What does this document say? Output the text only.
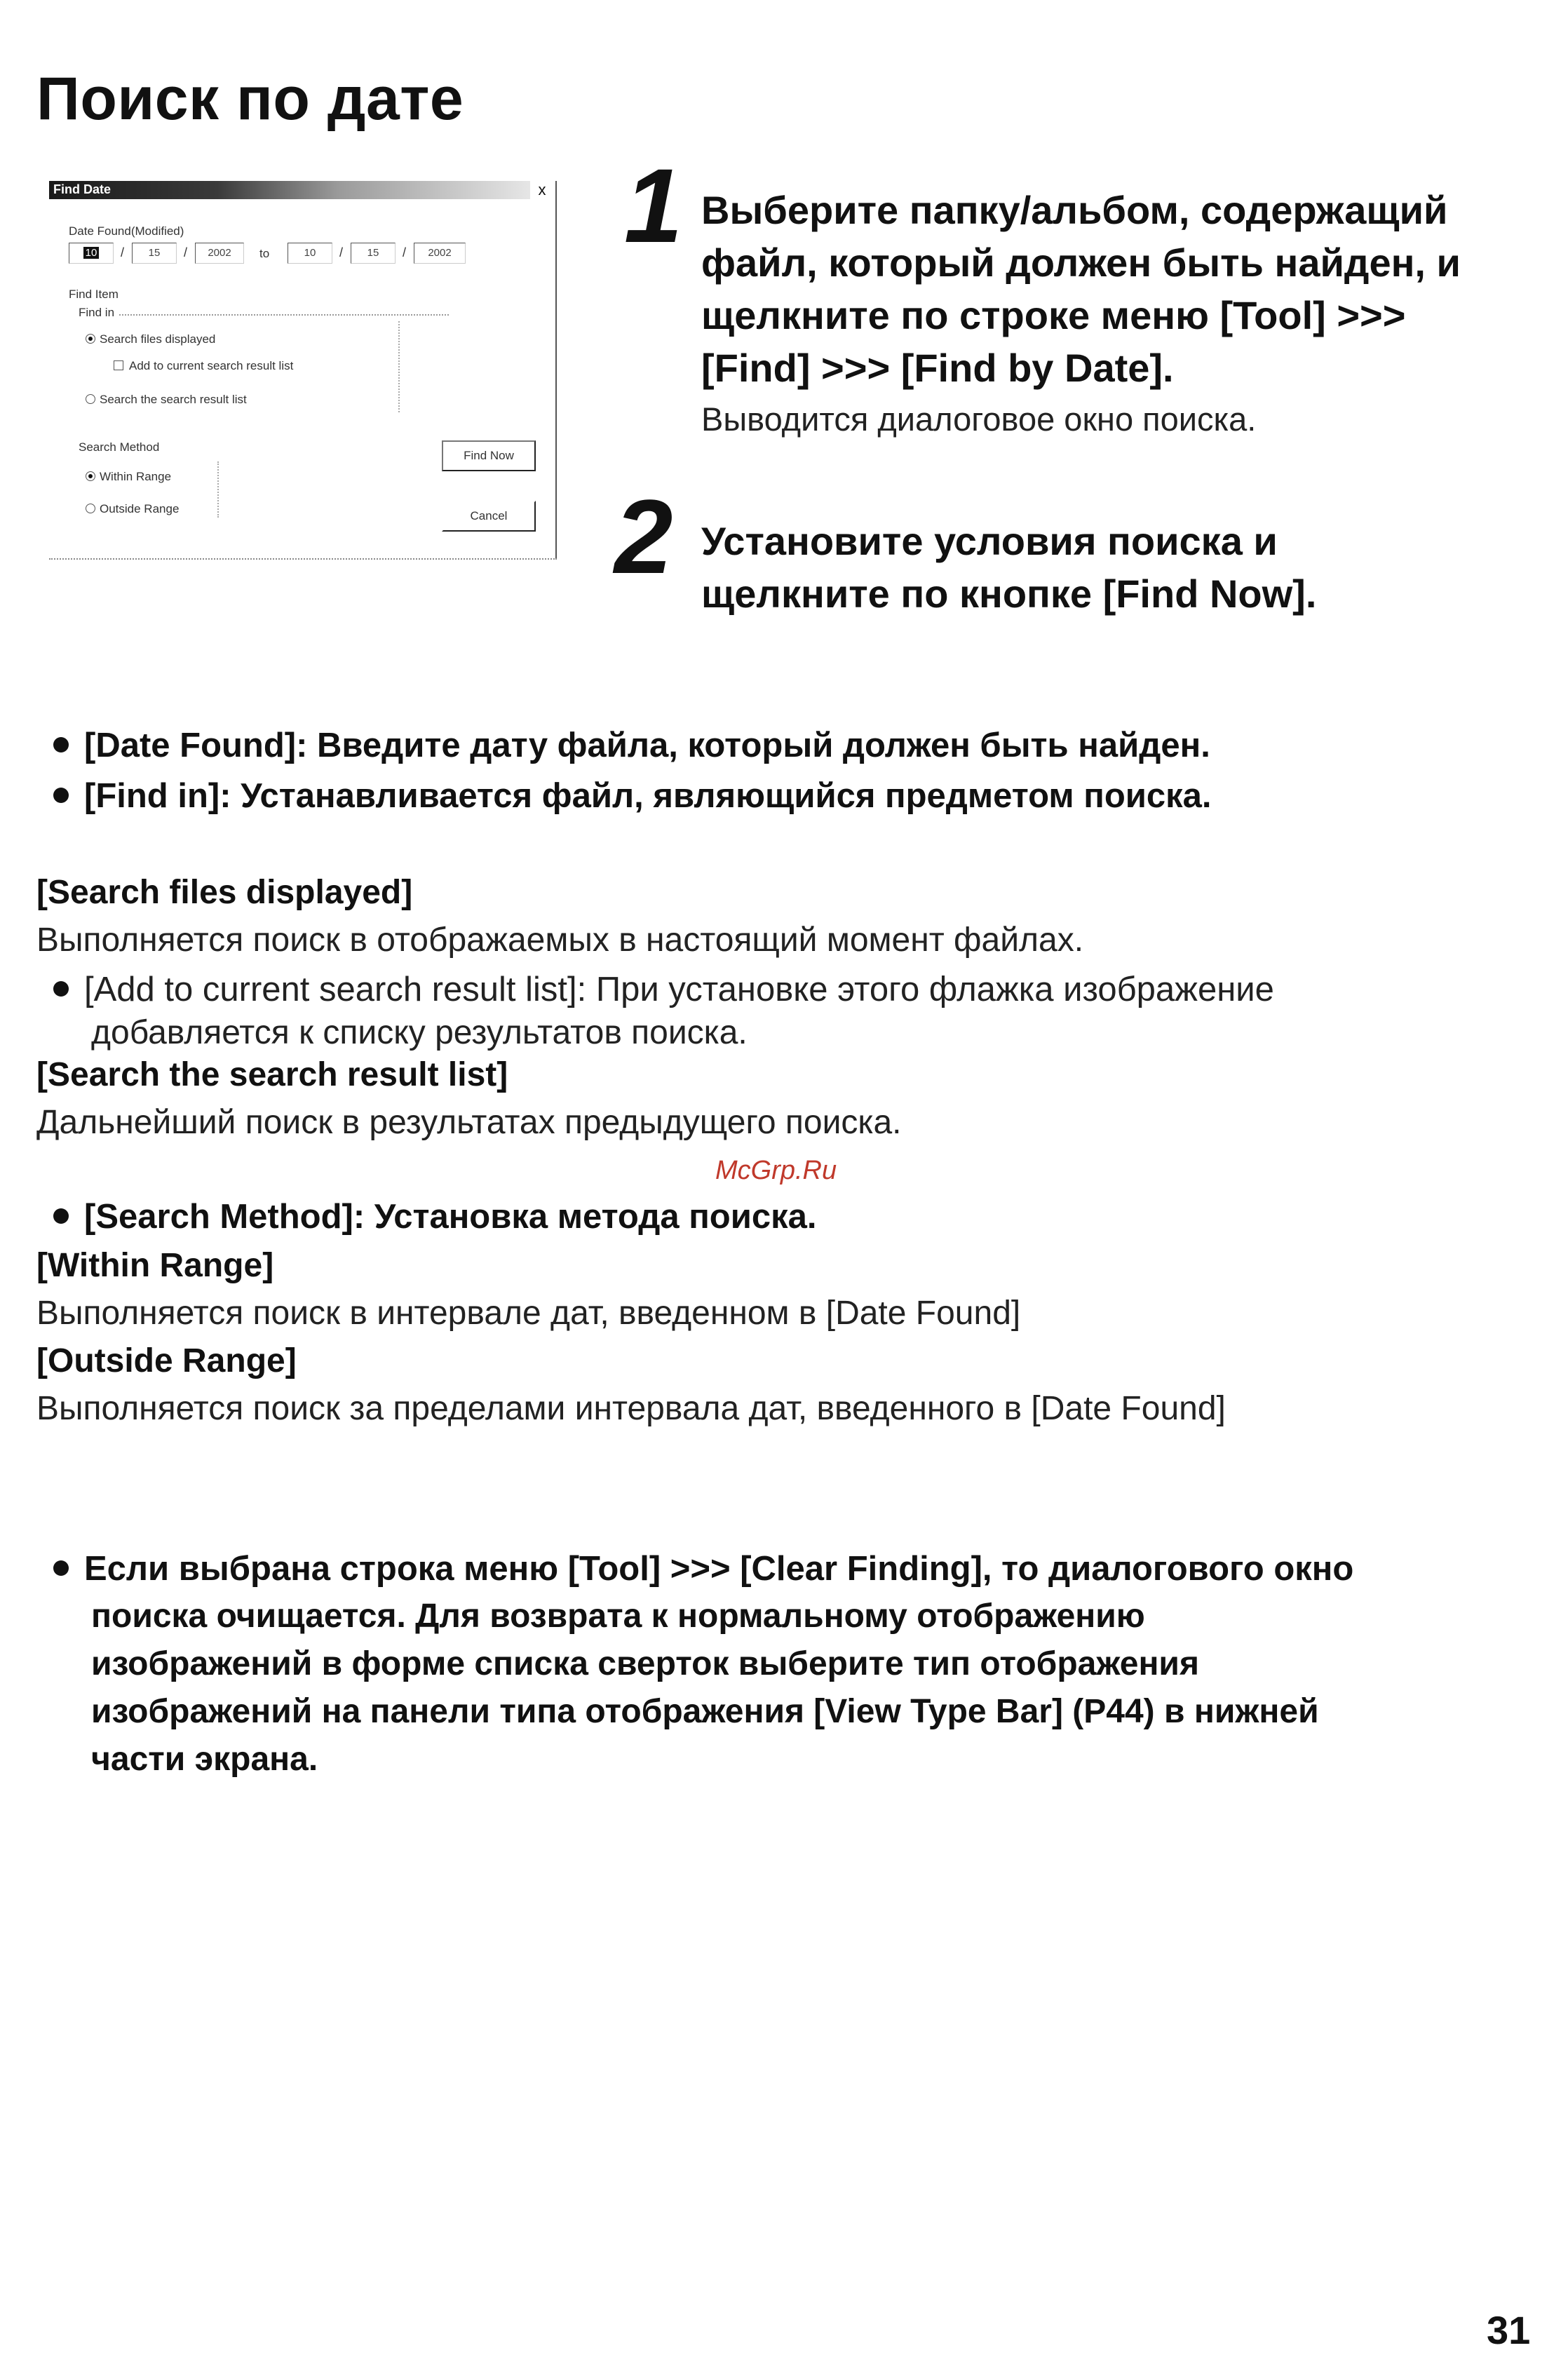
Поиск по дате
Find Date	x
Date Found(Modified)
10	/	15	/	2002	to	10	/	15	/	2002
Find Item
Find in
Search files displayed
Add to current search result list
Search the search result list
Search Method
Within Range
Outside Range
Find Now
Cancel
1 Выберите папку/альбом, содержащий
файл, который должен быть найден, и
щелкните по строке меню [Tool] >>>
[Find] >>> [Find by Date].
Выводится диалоговое окно поиска.
2 Установите условия поиска и
щелкните по кнопке [Find Now].
[Date Found]: Введите дату файла, который должен быть найден.
[Find in]: Устанавливается файл, являющийся предметом поиска.
[Search files displayed]
Выполняется поиск в отображаемых в настоящий момент файлах.
[Add to current search result list]: При установке этого флажка изображение
добавляется к списку результатов поиска.
[Search the search result list]
Дальнейший поиск в результатах предыдущего поиска.
McGrp.Ru
[Search Method]: Установка метода поиска.
[Within Range]
Выполняется поиск в интервале дат, введенном в [Date Found]
[Outside Range]
Выполняется поиск за пределами интервала дат, введенного в [Date Found]
Если выбрана строка меню [Tool] >>> [Clear Finding], то диалогового окно
поиска очищается. Для возврата к нормальному отображению
изображений в форме списка сверток выберите тип отображения
изображений на панели типа отображения [View Type Bar] (P44) в нижней
части экрана.
31
